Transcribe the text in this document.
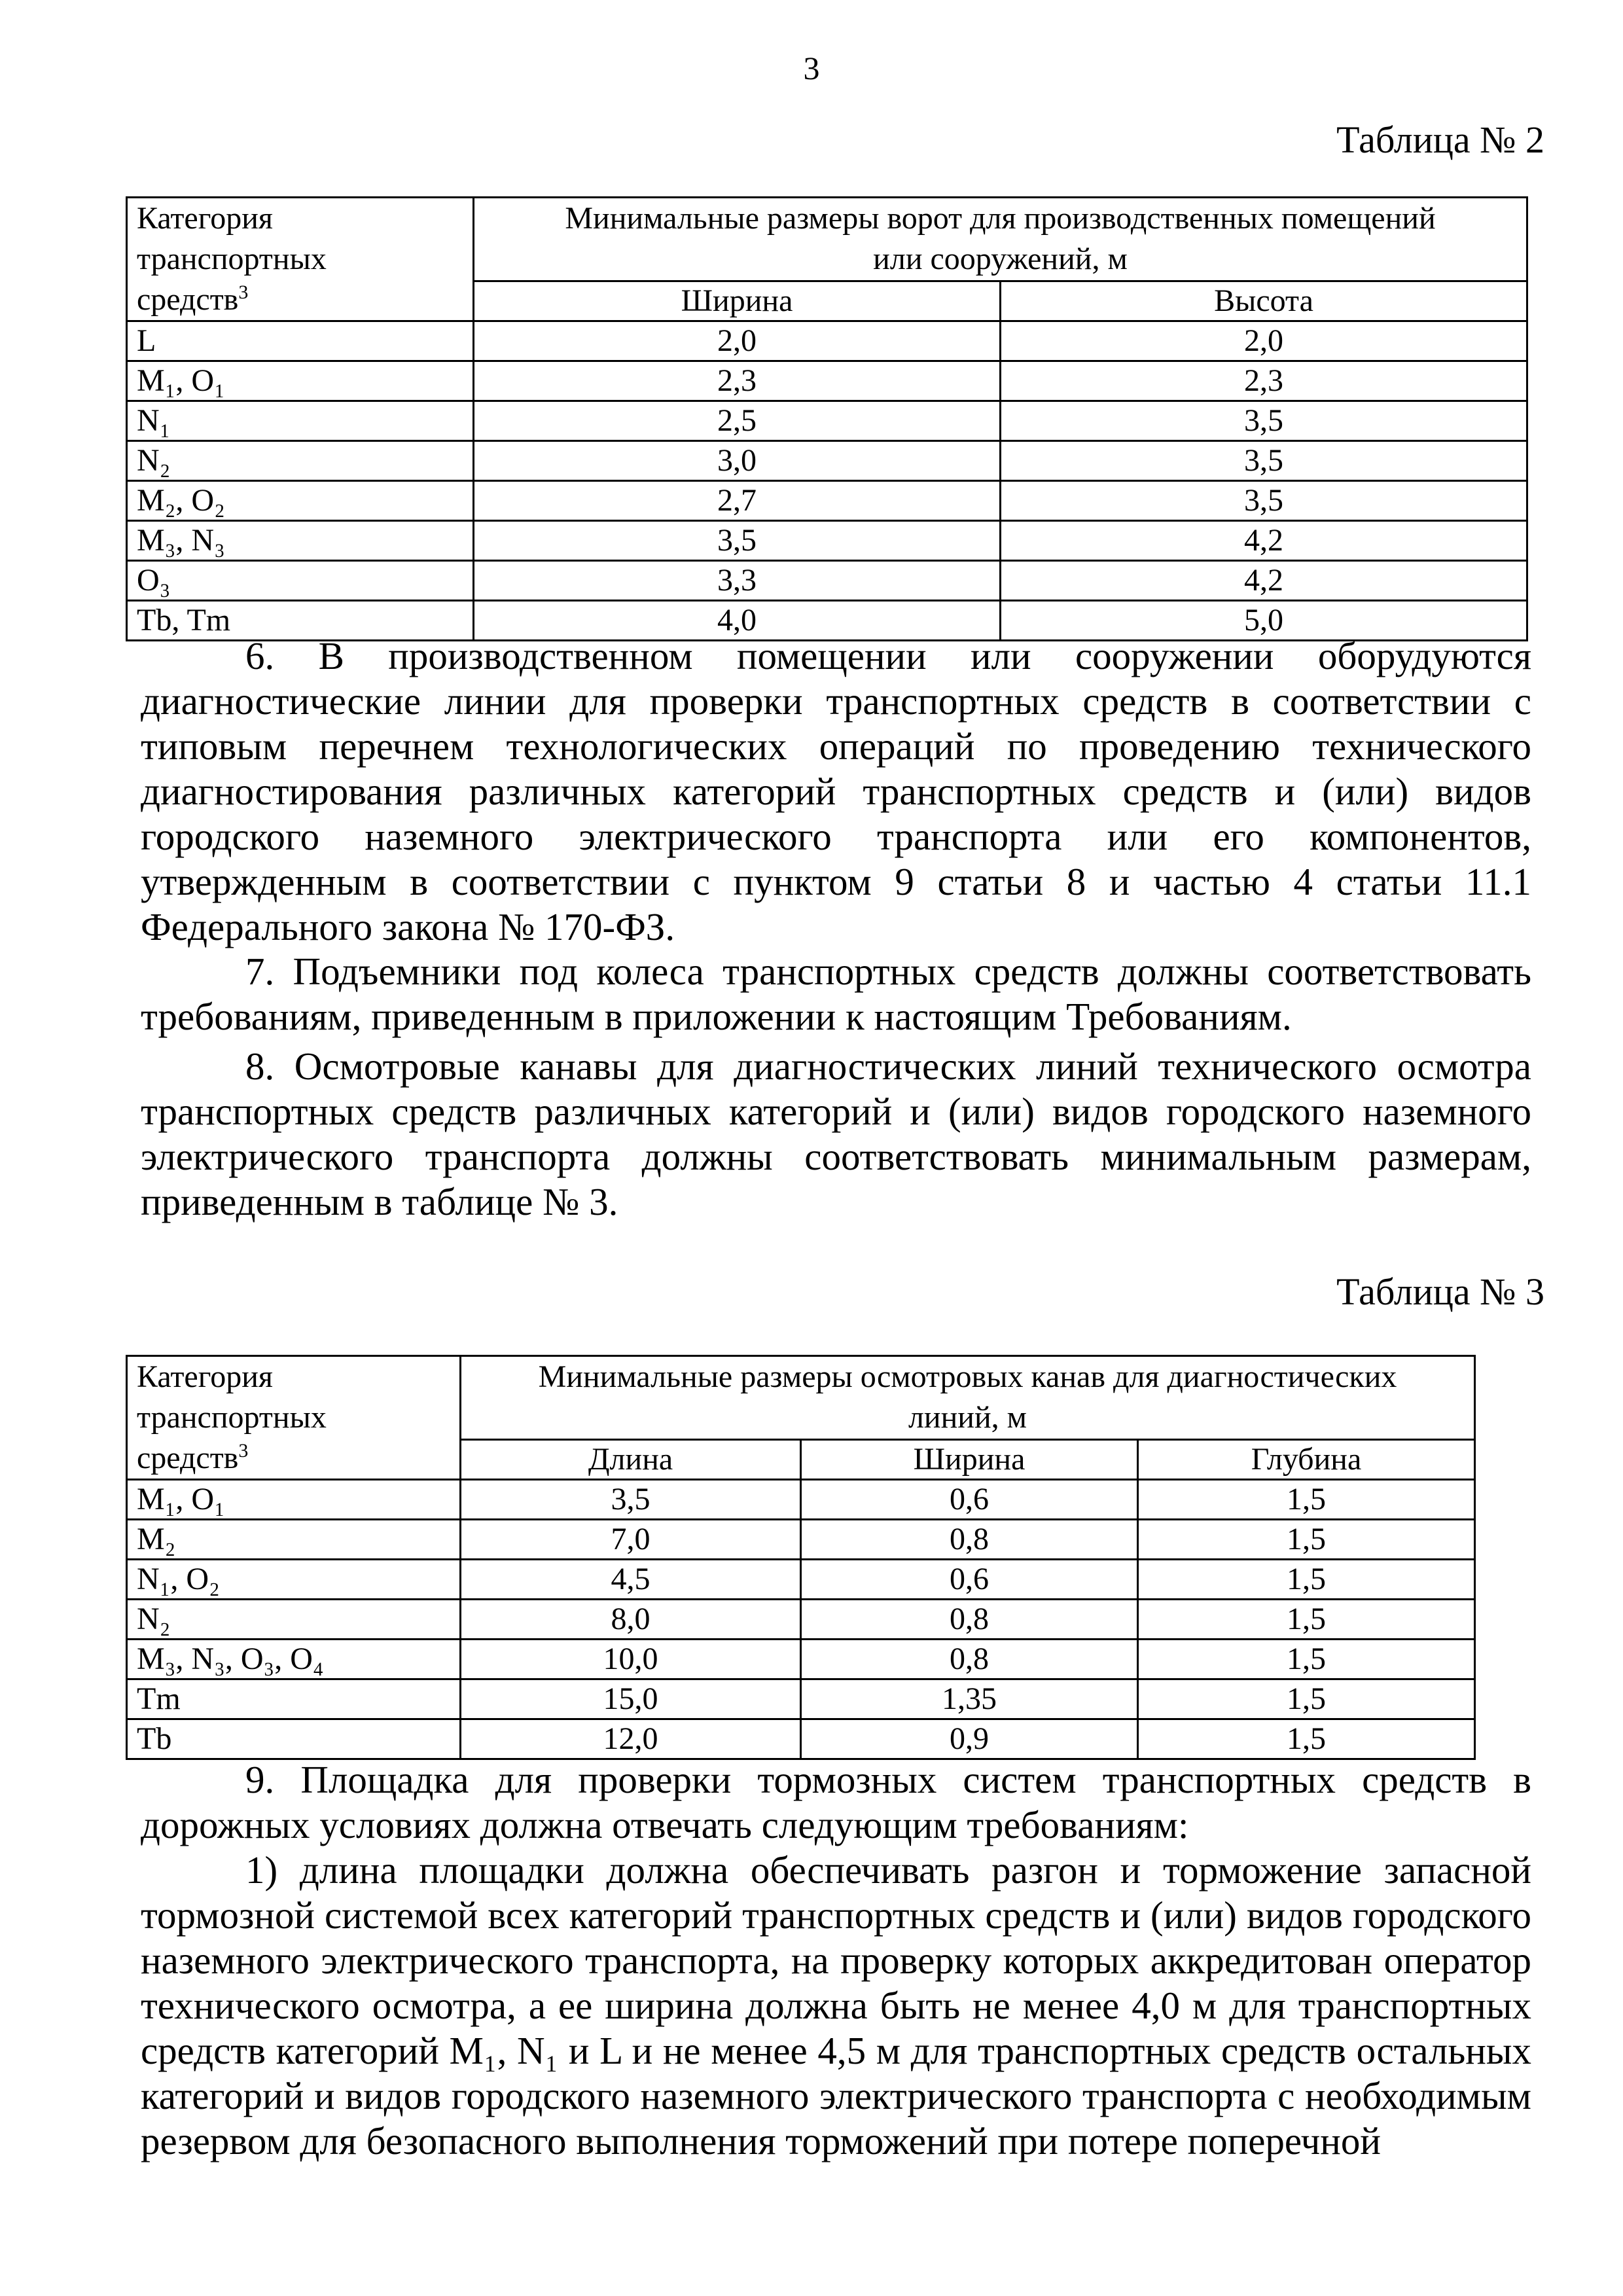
3
Таблица № 2
Категория
транспортных
средств$^3$	Минимальные размеры ворот для производственных помещений
или сооружений, м	
	Ширина	Высота
L	2,0	2,0
M₁, O₁	2,3	2,3
N₁	2,5	3,5
N₂	3,0	3,5
M₂, O₂	2,7	3,5
M₃, N₃	3,5	4,2
O₃	3,3	4,2
Tb, Tm	4,0	5,0

6. В производственном помещении или сооружении оборудуются диагностические линии для проверки транспортных средств в соответствии с типовым перечнем технологических операций по проведению технического диагностирования различных категорий транспортных средств и (или) видов городского наземного электрического транспорта или его компонентов, утвержденным в соответствии с пунктом 9 статьи 8 и частью 4 статьи 11.1 Федерального закона № 170-ФЗ.

7. Подъемники под колеса транспортных средств должны соответствовать требованиям, приведенным в приложении к настоящим Требованиям.

8. Осмотровые канавы для диагностических линий технического осмотра транспортных средств различных категорий и (или) видов городского наземного электрического транспорта должны соответствовать минимальным размерам, приведенным в таблице № 3.

Таблица № 3
Категория
транспортных
средств$^3$	Минимальные размеры осмотровых канав для диагностических
линий, м		
	Длина	Ширина	Глубина
M₁, O₁	3,5	0,6	1,5
M₂	7,0	0,8	1,5
N₁, O₂	4,5	0,6	1,5
N₂	8,0	0,8	1,5
M₃, N₃, O₃, O₄	10,0	0,8	1,5
Tm	15,0	1,35	1,5
Tb	12,0	0,9	1,5

9. Площадка для проверки тормозных систем транспортных средств в дорожных условиях должна отвечать следующим требованиям:

1) длина площадки должна обеспечивать разгон и торможение запасной тормозной системой всех категорий транспортных средств и (или) видов городского наземного электрического транспорта, на проверку которых аккредитован оператор технического осмотра, а ее ширина должна быть не менее 4,0 м для транспортных средств категорий M₁, N₁ и L и не менее 4,5 м для транспортных средств остальных категорий и видов городского наземного электрического транспорта с необходимым резервом для безопасного выполнения торможений при потере поперечной
